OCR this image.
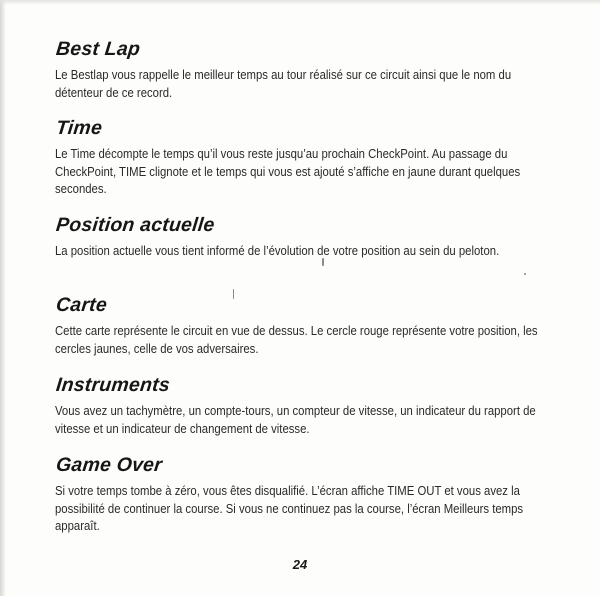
Best Lap

Le Bestlap vous rappelle le meilleur temps au tour réalisé sur ce circuit ainsi que le nom du détenteur de ce record.

Time

Le Time décompte le temps qu’il vous reste jusqu’au prochain CheckPoint. Au passage du CheckPoint, TIME clignote et le temps qui vous est ajouté s’affiche en jaune durant quelques secondes.

Position actuelle

La position actuelle vous tient informé de l’évolution de votre position au sein du peloton.

Carte

Cette carte représente le circuit en vue de dessus. Le cercle rouge représente votre position, les cercles jaunes, celle de vos adversaires.

Instruments

Vous avez un tachymètre, un compte-tours, un compteur de vitesse, un indicateur du rapport de vitesse et un indicateur de changement de vitesse.

Game Over

Si votre temps tombe à zéro, vous êtes disqualifié. L’écran affiche TIME OUT et vous avez la possibilité de continuer la course. Si vous ne continuez pas la course, l’écran Meilleurs temps apparaît.

24
